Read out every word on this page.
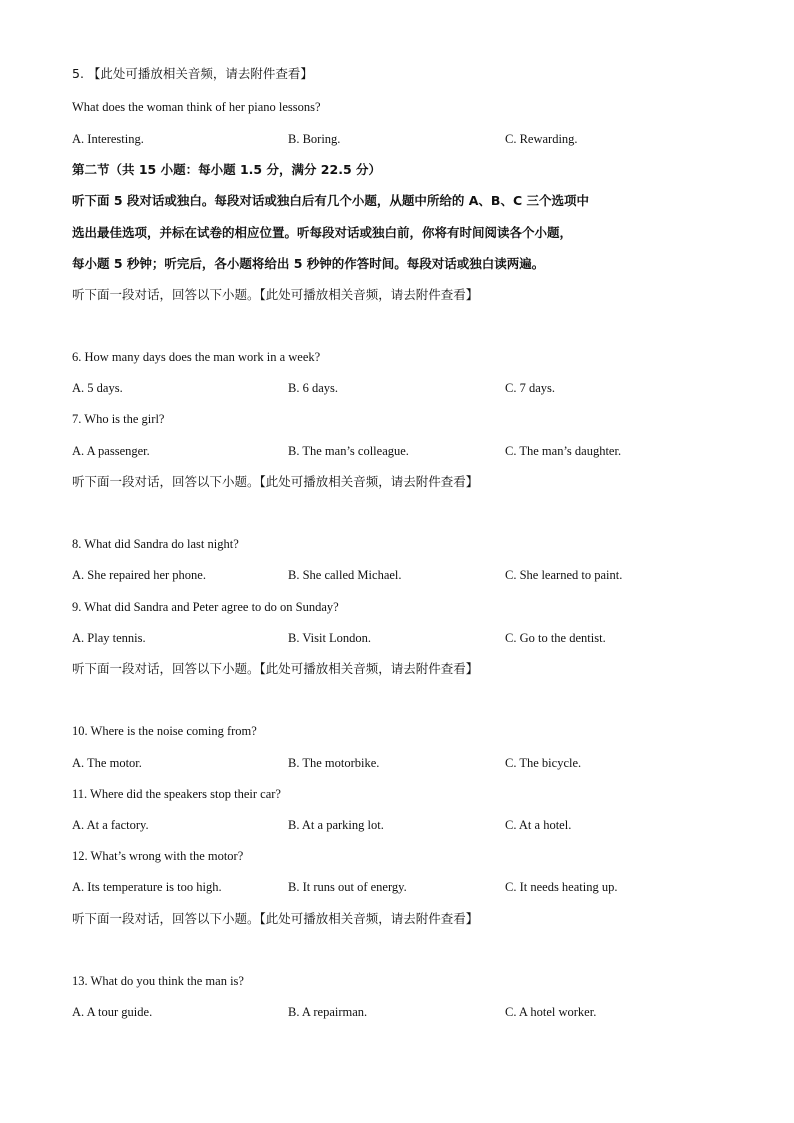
5. 【此处可播放相关音频，请去附件查看】
What does the woman think of her piano lessons?
A. Interesting.	B. Boring.	C. Rewarding.
第二节（共 15 小题：每小题 1.5 分，满分 22.5 分）
听下面 5 段对话或独白。每段对话或独白后有几个小题，从题中所给的 A、B、C 三个选项中
选出最佳选项，并标在试卷的相应位置。听每段对话或独白前，你将有时间阅读各个小题，
每小题 5 秒钟；听完后，各小题将给出 5 秒钟的作答时间。每段对话或独白读两遍。
听下面一段对话，回答以下小题。【此处可播放相关音频，请去附件查看】
6. How many days does the man work in a week?
A. 5 days.	B. 6 days.	C. 7 days.
7. Who is the girl?
A. A passenger.	B. The man’s colleague.	C. The man’s daughter.
听下面一段对话，回答以下小题。【此处可播放相关音频，请去附件查看】
8. What did Sandra do last night?
A. She repaired her phone.	B. She called Michael.	C. She learned to paint.
9. What did Sandra and Peter agree to do on Sunday?
A. Play tennis.	B. Visit London.	C. Go to the dentist.
听下面一段对话，回答以下小题。【此处可播放相关音频，请去附件查看】
10. Where is the noise coming from?
A. The motor.	B. The motorbike.	C. The bicycle.
11. Where did the speakers stop their car?
A. At a factory.	B. At a parking lot.	C. At a hotel.
12. What’s wrong with the motor?
A. Its temperature is too high.	B. It runs out of energy.	C. It needs heating up.
听下面一段对话，回答以下小题。【此处可播放相关音频，请去附件查看】
13. What do you think the man is?
A. A tour guide.	B. A repairman.	C. A hotel worker.
